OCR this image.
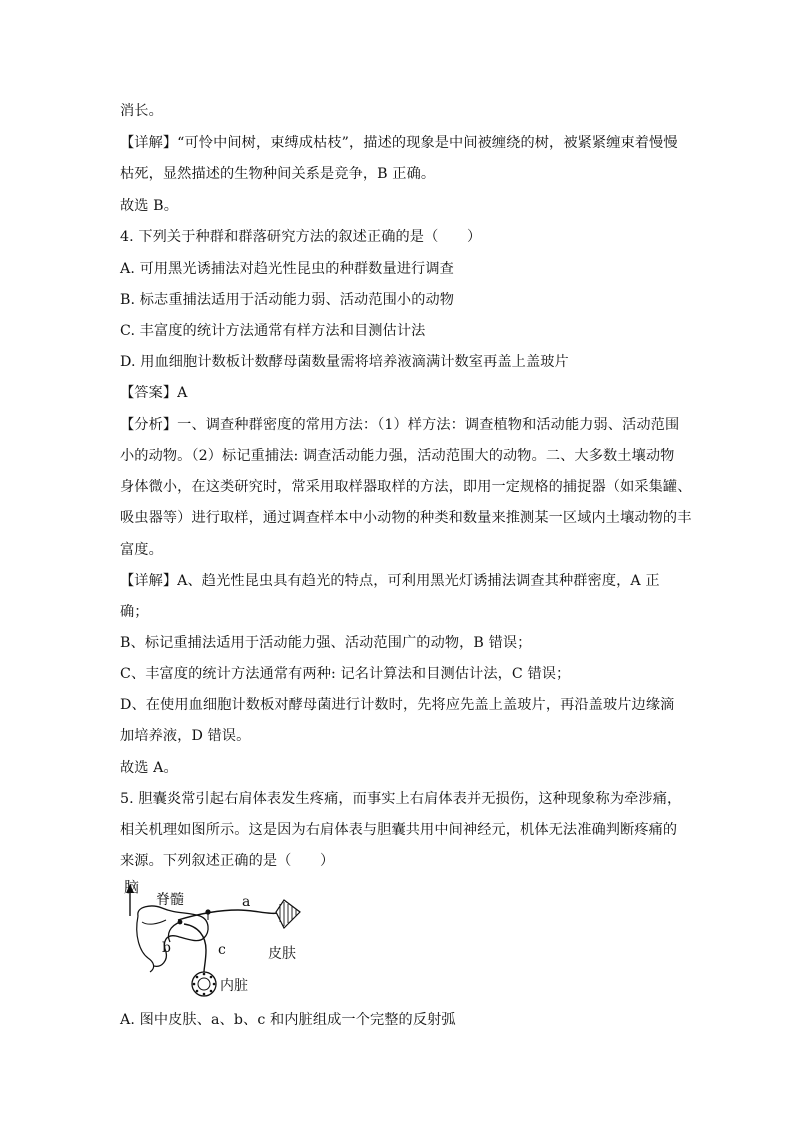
消长。
【详解】“可怜中间树，束缚成枯枝”，描述的现象是中间被缠绕的树，被紧紧缠束着慢慢
枯死，显然描述的生物种间关系是竞争，B 正确。
故选 B。
4. 下列关于种群和群落研究方法的叙述正确的是（　　）
A. 可用黑光诱捕法对趋光性昆虫的种群数量进行调查
B. 标志重捕法适用于活动能力弱、活动范围小的动物
C. 丰富度的统计方法通常有样方法和目测估计法
D. 用血细胞计数板计数酵母菌数量需将培养液滴满计数室再盖上盖玻片
【答案】A
【分析】一、调查种群密度的常用方法：（1）样方法：调查植物和活动能力弱、活动范围
小的动物。（2）标记重捕法: 调查活动能力强，活动范围大的动物。二、大多数土壤动物
身体微小，在这类研究时，常采用取样器取样的方法，即用一定规格的捕捉器（如采集罐、
吸虫器等）进行取样，通过调查样本中小动物的种类和数量来推测某一区域内土壤动物的丰
富度。
【详解】A、趋光性昆虫具有趋光的特点，可利用黑光灯诱捕法调查其种群密度，A 正
确；
B、标记重捕法适用于活动能力强、活动范围广的动物，B 错误；
C、丰富度的统计方法通常有两种: 记名计算法和目测估计法，C 错误；
D、在使用血细胞计数板对酵母菌进行计数时，先将应先盖上盖玻片，再沿盖玻片边缘滴
加培养液，D 错误。
故选 A。
5. 胆囊炎常引起右肩体表发生疼痛，而事实上右肩体表并无损伤，这种现象称为牵涉痛，
相关机理如图所示。这是因为右肩体表与胆囊共用中间神经元，机体无法准确判断疼痛的
来源。下列叙述正确的是（　　）
脑
脊髓	a
b	c	皮肤
内脏
A. 图中皮肤、a、b、c 和内脏组成一个完整的反射弧
